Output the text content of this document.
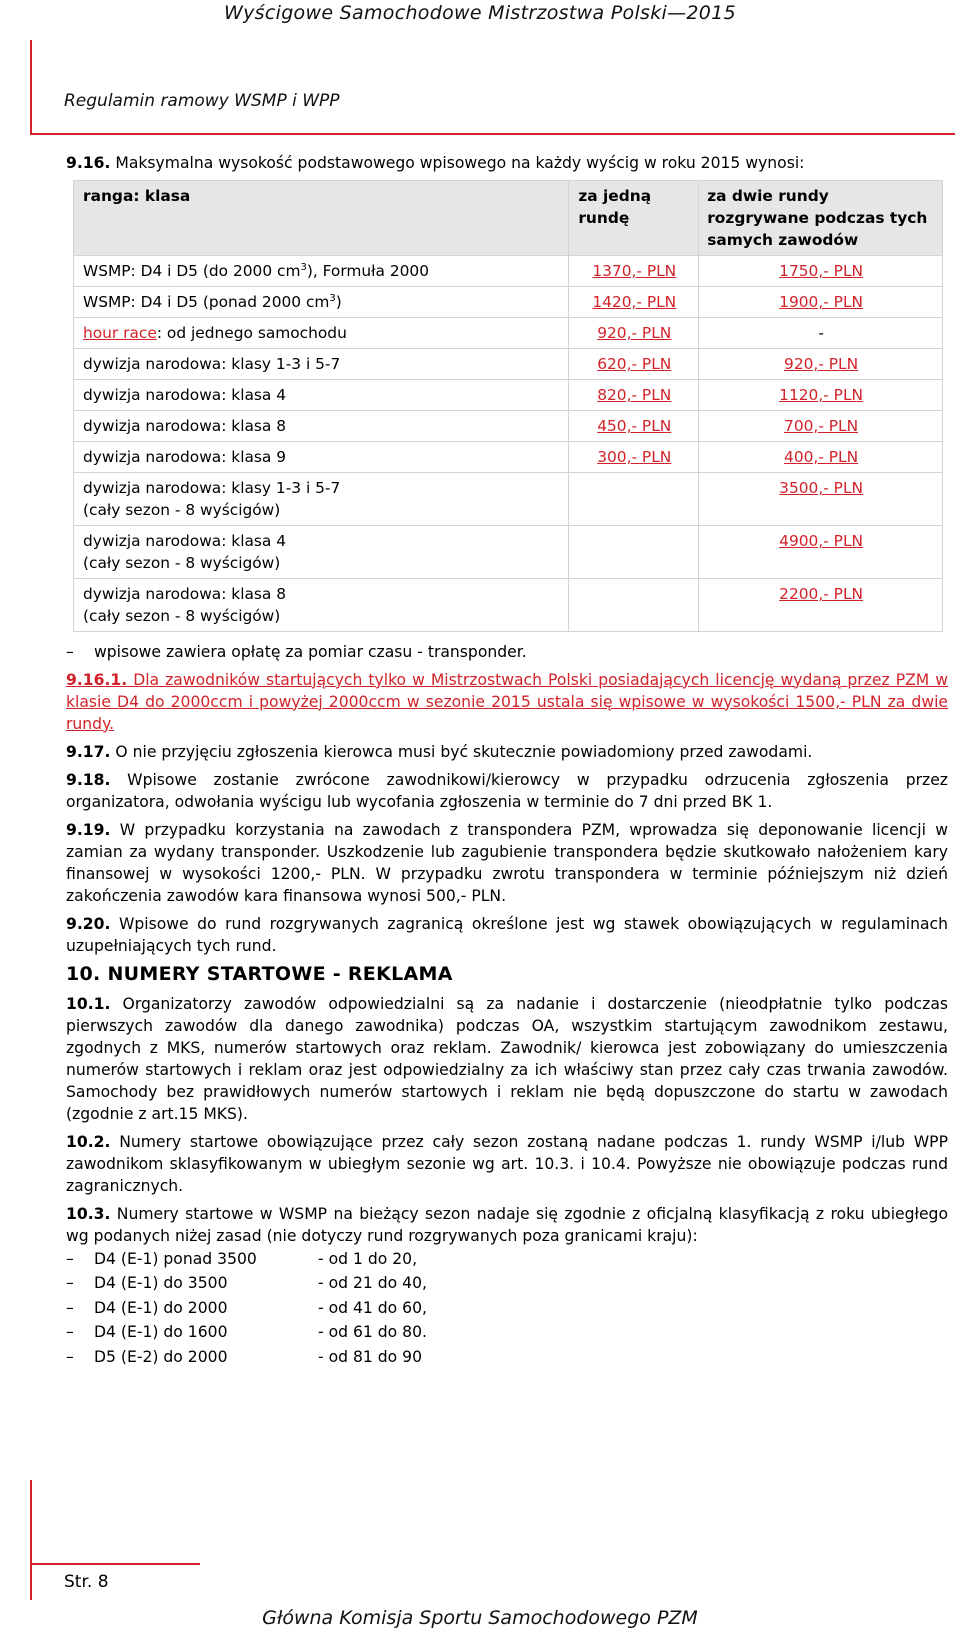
Wyścigowe Samochodowe Mistrzostwa Polski—2015
Regulamin ramowy WSMP i WPP

9.16. Maksymalna wysokość podstawowego wpisowego na każdy wyścig w roku 2015 wynosi:

ranga: klasa	za jedną rundę	za dwie rundy rozgrywane podczas tych samych zawodów
WSMP: D4 i D5 (do 2000 $cm^3$), Formuła 2000	1370,- PLN	1750,- PLN
WSMP: D4 i D5 (ponad 2000 $cm^3$)	1420,- PLN	1900,- PLN
hour race: od jednego samochodu	920,- PLN	-
dywizja narodowa: klasy 1-3 i 5-7	620,- PLN	920,- PLN
dywizja narodowa: klasa 4	820,- PLN	1120,- PLN
dywizja narodowa: klasa 8	450,- PLN	700,- PLN
dywizja narodowa: klasa 9	300,- PLN	400,- PLN
dywizja narodowa: klasy 1-3 i 5-7
(cały sezon - 8 wyścigów)		3500,- PLN
dywizja narodowa: klasa 4
(cały sezon - 8 wyścigów)		4900,- PLN
dywizja narodowa: klasa 8
(cały sezon - 8 wyścigów)		2200,- PLN
– wpisowe zawiera opłatę za pomiar czasu - transponder.

9.16.1. Dla zawodników startujących tylko w Mistrzostwach Polski posiadających licencję wydaną przez PZM w klasie D4 do 2000ccm i powyżej 2000ccm w sezonie 2015 ustala się wpisowe w wysokości 1500,- PLN za dwie rundy.

9.17. O nie przyjęciu zgłoszenia kierowca musi być skutecznie powiadomiony przed zawodami.

9.18. Wpisowe zostanie zwrócone zawodnikowi/kierowcy w przypadku odrzucenia zgłoszenia przez organizatora, odwołania wyścigu lub wycofania zgłoszenia w terminie do 7 dni przed BK 1.

9.19. W przypadku korzystania na zawodach z transpondera PZM, wprowadza się deponowanie licencji w zamian za wydany transponder. Uszkodzenie lub zagubienie transpondera będzie skutkowało nałożeniem kary finansowej w wysokości 1200,- PLN. W przypadku zwrotu transpondera w terminie późniejszym niż dzień zakończenia zawodów kara finansowa wynosi 500,- PLN.

9.20. Wpisowe do rund rozgrywanych zagranicą określone jest wg stawek obowiązujących w regulaminach uzupełniających tych rund.

10. NUMERY STARTOWE - REKLAMA

10.1. Organizatorzy zawodów odpowiedzialni są za nadanie i dostarczenie (nieodpłatnie tylko podczas pierwszych zawodów dla danego zawodnika) podczas OA, wszystkim startującym zawodnikom zestawu, zgodnych z MKS, numerów startowych oraz reklam. Zawodnik/ kierowca jest zobowiązany do umieszczenia numerów startowych i reklam oraz jest odpowiedzialny za ich właściwy stan przez cały czas trwania zawodów. Samochody bez prawidłowych numerów startowych i reklam nie będą dopuszczone do startu w zawodach (zgodnie z art.15 MKS).

10.2. Numery startowe obowiązujące przez cały sezon zostaną nadane podczas 1. rundy WSMP i/lub WPP zawodnikom sklasyfikowanym w ubiegłym sezonie wg art. 10.3. i 10.4. Powyższe nie obowiązuje podczas rund zagranicznych.

10.3. Numery startowe w WSMP na bieżący sezon nadaje się zgodnie z oficjalną klasyfikacją z roku ubiegłego wg podanych niżej zasad (nie dotyczy rund rozgrywanych poza granicami kraju):

– D4 (E-1) ponad 3500	- od 1 do 20,
– D4 (E-1) do 3500	- od 21 do 40,
– D4 (E-1) do 2000	- od 41 do 60,
– D4 (E-1) do 1600	- od 61 do 80.
– D5 (E-2) do 2000	- od 81 do 90
Str. 8
Główna Komisja Sportu Samochodowego PZM
